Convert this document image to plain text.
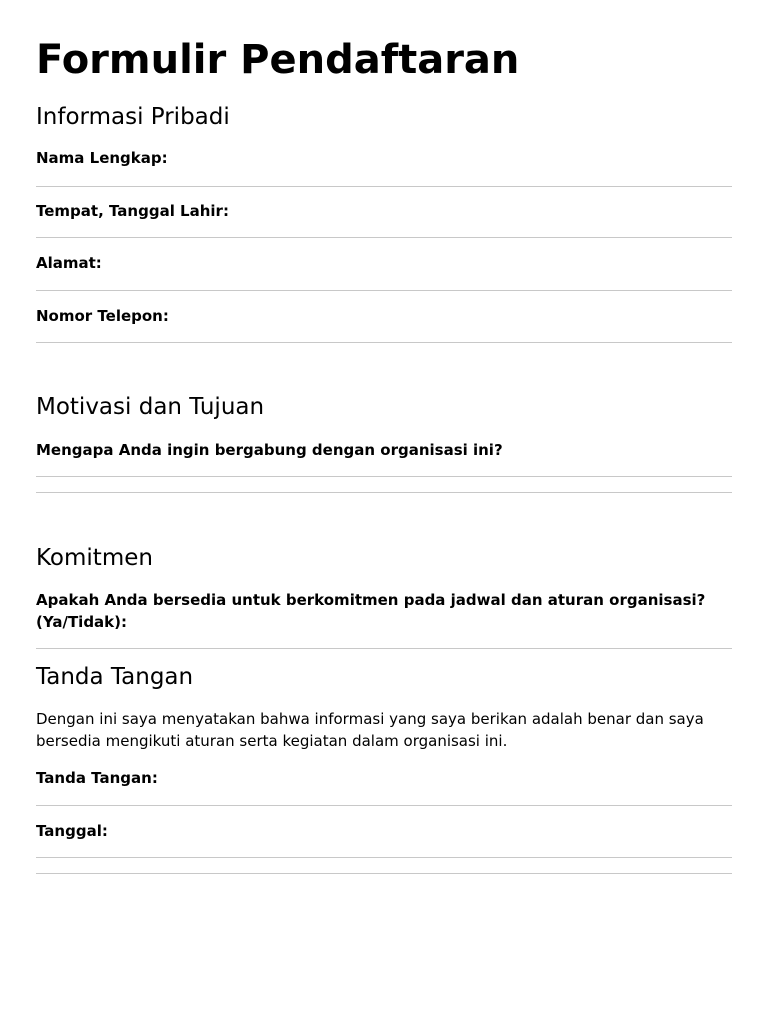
Formulir Pendaftaran
Informasi Pribadi
Nama Lengkap:
Tempat, Tanggal Lahir:
Alamat:
Nomor Telepon:
Motivasi dan Tujuan
Mengapa Anda ingin bergabung dengan organisasi ini?
Komitmen
Apakah Anda bersedia untuk berkomitmen pada jadwal dan aturan organisasi? (Ya/Tidak):
Tanda Tangan

Dengan ini saya menyatakan bahwa informasi yang saya berikan adalah benar dan saya bersedia mengikuti aturan serta kegiatan dalam organisasi ini.

Tanda Tangan:
Tanggal:
